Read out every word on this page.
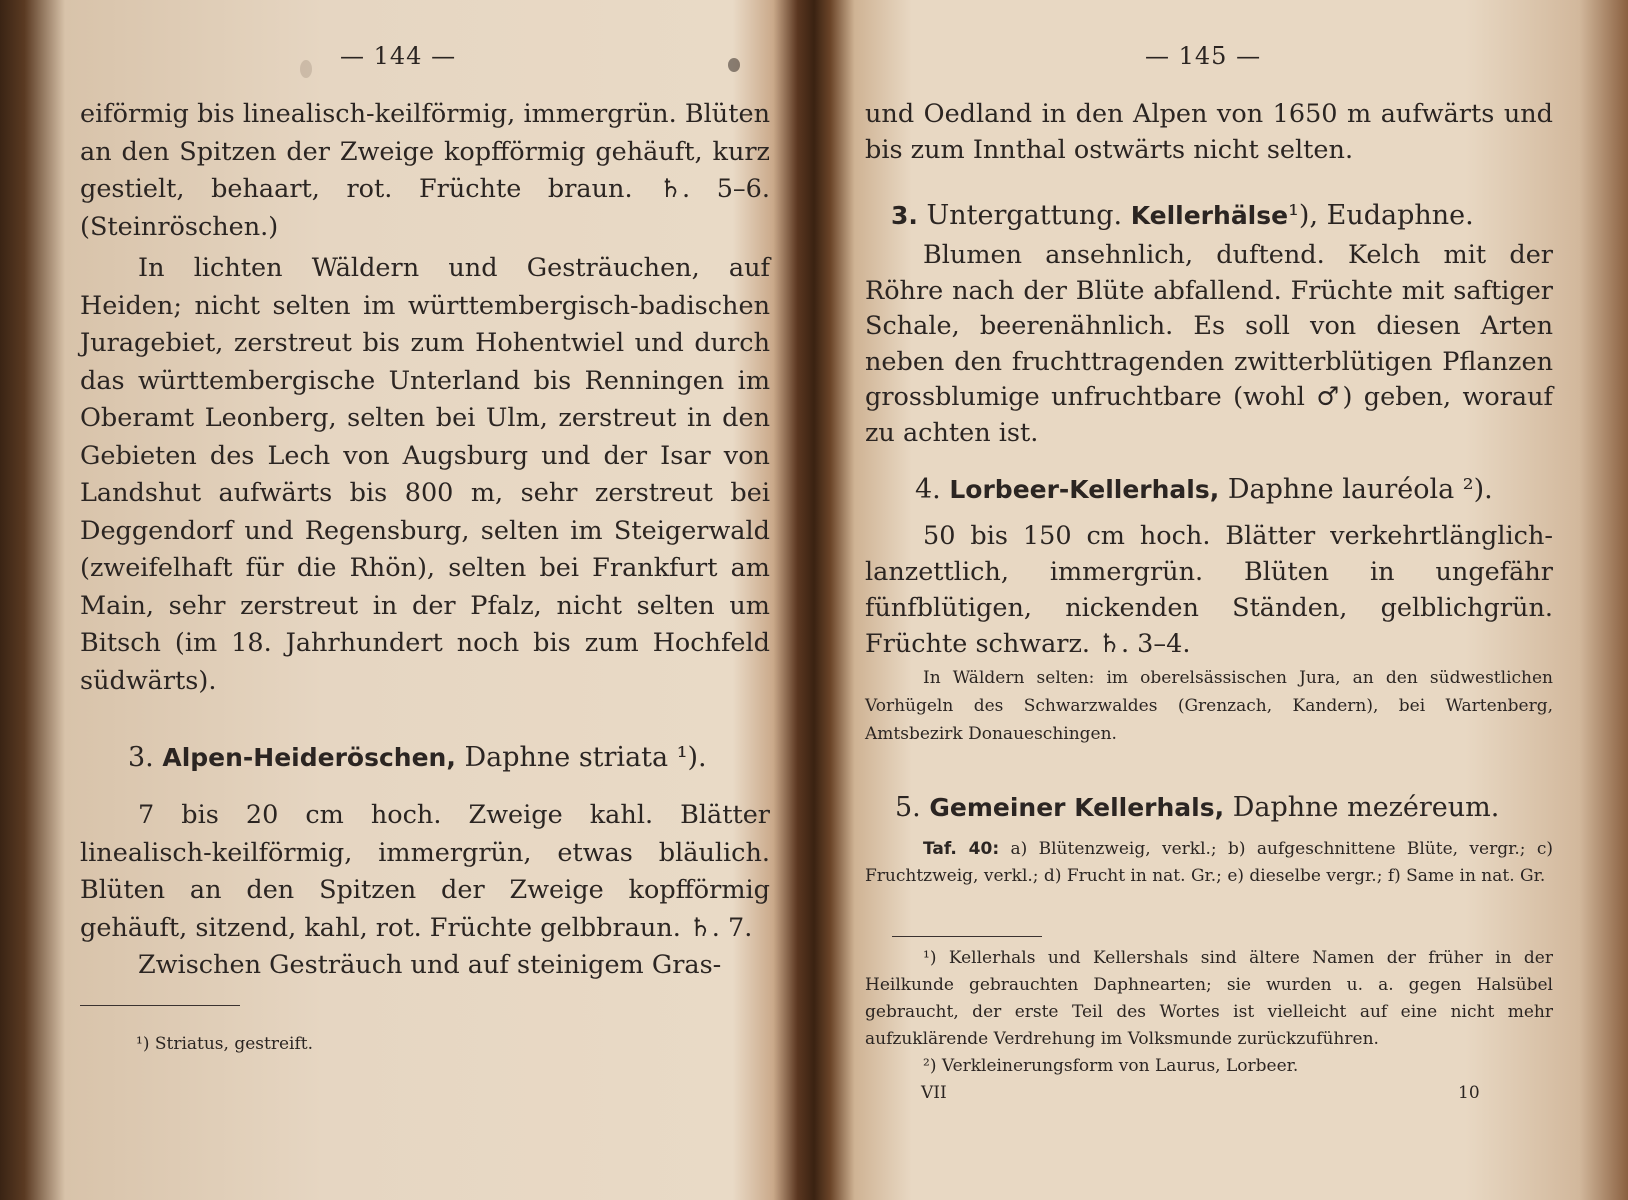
— 144 —

eiförmig bis linealisch-keilförmig, immergrün. Blüten an den Spitzen der Zweige kopfförmig gehäuft, kurz gestielt, behaart, rot. Früchte braun. ♄. 5–6. (Steinröschen.)

In lichten Wäldern und Gesträuchen, auf Heiden; nicht selten im württembergisch-badischen Juragebiet, zerstreut bis zum Hohentwiel und durch das württembergische Unterland bis Renningen im Oberamt Leonberg, selten bei Ulm, zerstreut in den Gebieten des Lech von Augsburg und der Isar von Landshut aufwärts bis 800 m, sehr zerstreut bei Deggendorf und Regensburg, selten im Steigerwald (zweifelhaft für die Rhön), selten bei Frankfurt am Main, sehr zerstreut in der Pfalz, nicht selten um Bitsch (im 18. Jahrhundert noch bis zum Hochfeld südwärts).

3. Alpen-Heideröschen, Daphne striata ¹).

7 bis 20 cm hoch. Zweige kahl. Blätter linealisch-keilförmig, immergrün, etwas bläulich. Blüten an den Spitzen der Zweige kopfförmig gehäuft, sitzend, kahl, rot. Früchte gelbbraun. ♄. 7.

Zwischen Gesträuch und auf steinigem Gras-

¹) Striatus, gestreift.
— 145 —

und Oedland in den Alpen von 1650 m aufwärts und bis zum Innthal ostwärts nicht selten.

3. Untergattung. Kellerhälse¹), Eudaphne.

Blumen ansehnlich, duftend. Kelch mit der Röhre nach der Blüte abfallend. Früchte mit saftiger Schale, beerenähnlich. Es soll von diesen Arten neben den fruchttragenden zwitterblütigen Pflanzen grossblumige unfruchtbare (wohl ♂) geben, worauf zu achten ist.

4. Lorbeer-Kellerhals, Daphne lauréola ²).

50 bis 150 cm hoch. Blätter verkehrtlänglich-lanzettlich, immergrün. Blüten in ungefähr fünfblütigen, nickenden Ständen, gelblichgrün. Früchte schwarz. ♄. 3–4.

In Wäldern selten: im oberelsässischen Jura, an den südwestlichen Vorhügeln des Schwarzwaldes (Grenzach, Kandern), bei Wartenberg, Amtsbezirk Donaueschingen.

5. Gemeiner Kellerhals, Daphne mezéreum.

Taf. 40: a) Blütenzweig, verkl.; b) aufgeschnittene Blüte, vergr.; c) Fruchtzweig, verkl.; d) Frucht in nat. Gr.; e) dieselbe vergr.; f) Same in nat. Gr.

¹) Kellerhals und Kellershals sind ältere Namen der früher in der Heilkunde gebrauchten Daphnearten; sie wurden u. a. gegen Halsübel gebraucht, der erste Teil des Wortes ist vielleicht auf eine nicht mehr aufzuklärende Verdrehung im Volksmunde zurückzuführen.

²) Verkleinerungsform von Laurus, Lorbeer.

VII	10
